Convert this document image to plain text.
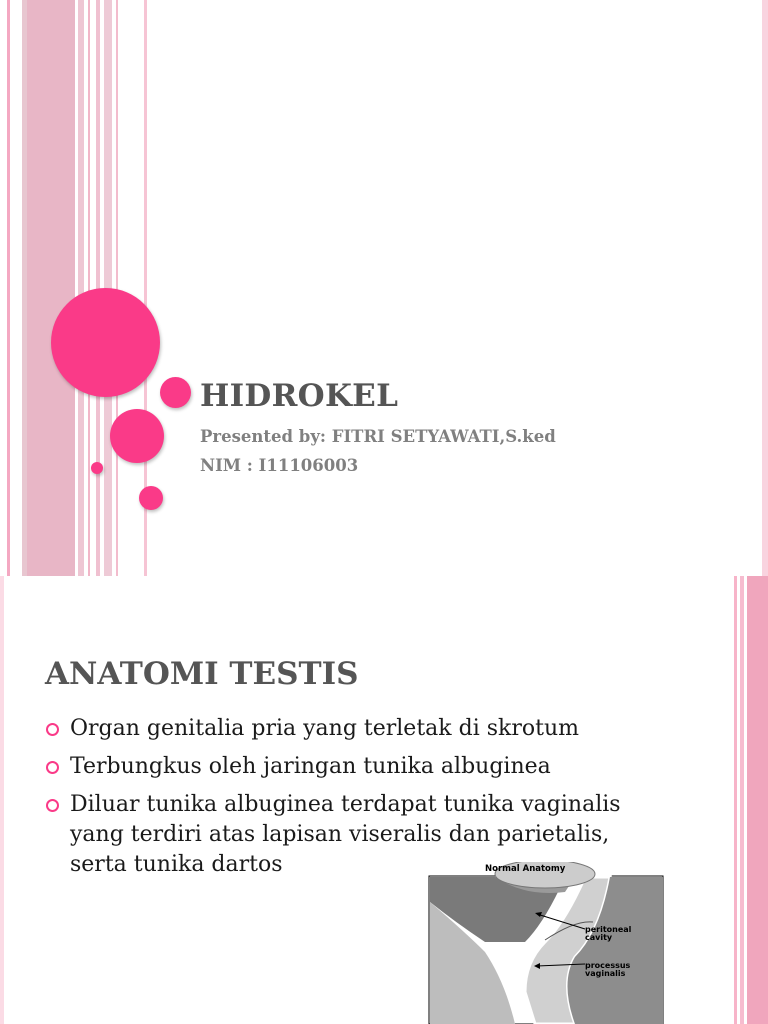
HIDROKEL
Presented by: FITRI SETYAWATI,S.ked
NIM : I11106003
ANATOMI TESTIS
Organ genitalia pria yang terletak di skrotum
Terbungkus oleh jaringan tunika albuginea
Diluar tunika albuginea terdapat tunika vaginalis yang terdiri atas lapisan viseralis dan parietalis, serta tunika dartos	Normal Anatomy
peritoneal cavity
processus vaginalis
